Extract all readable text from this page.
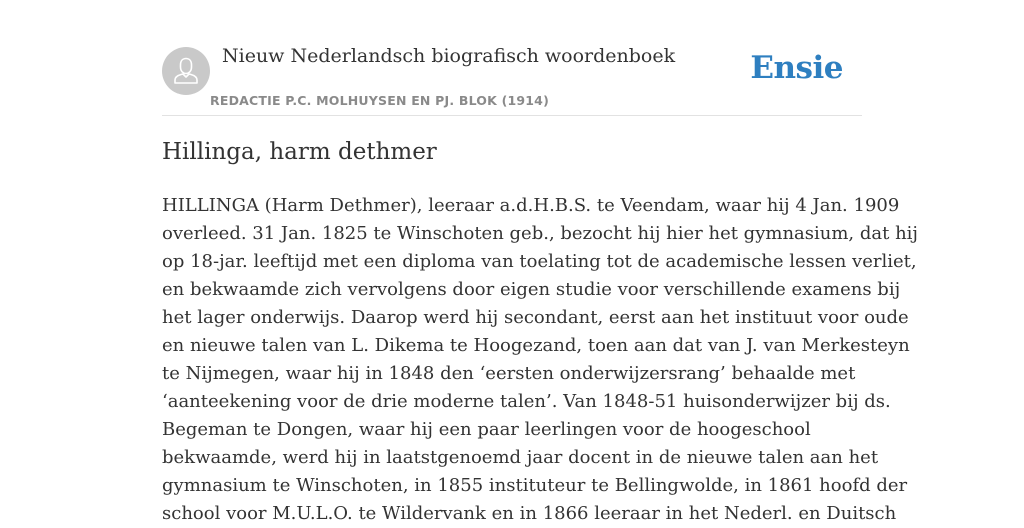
Nieuw Nederlandsch biografisch woordenboek
REDACTIE P.C. MOLHUYSEN EN PJ. BLOK (1914)
Ensie
Hillinga, harm dethmer
HILLINGA (Harm Dethmer), leeraar a.d.H.B.S. te Veendam, waar hij 4 Jan. 1909
overleed. 31 Jan. 1825 te Winschoten geb., bezocht hij hier het gymnasium, dat hij
op 18-jar. leeftijd met een diploma van toelating tot de academische lessen verliet,
en bekwaamde zich vervolgens door eigen studie voor verschillende examens bij
het lager onderwijs. Daarop werd hij secondant, eerst aan het instituut voor oude
en nieuwe talen van L. Dikema te Hoogezand, toen aan dat van J. van Merkesteyn
te Nijmegen, waar hij in 1848 den ‘eersten onderwijzersrang’ behaalde met
‘aanteekening voor de drie moderne talen’. Van 1848-51 huisonderwijzer bij ds.
Begeman te Dongen, waar hij een paar leerlingen voor de hoogeschool
bekwaamde, werd hij in laatstgenoemd jaar docent in de nieuwe talen aan het
gymnasium te Winschoten, in 1855 instituteur te Bellingwolde, in 1861 hoofd der
school voor M.U.L.O. te Wildervank en in 1866 leeraar in het Nederl. en Duitsch
